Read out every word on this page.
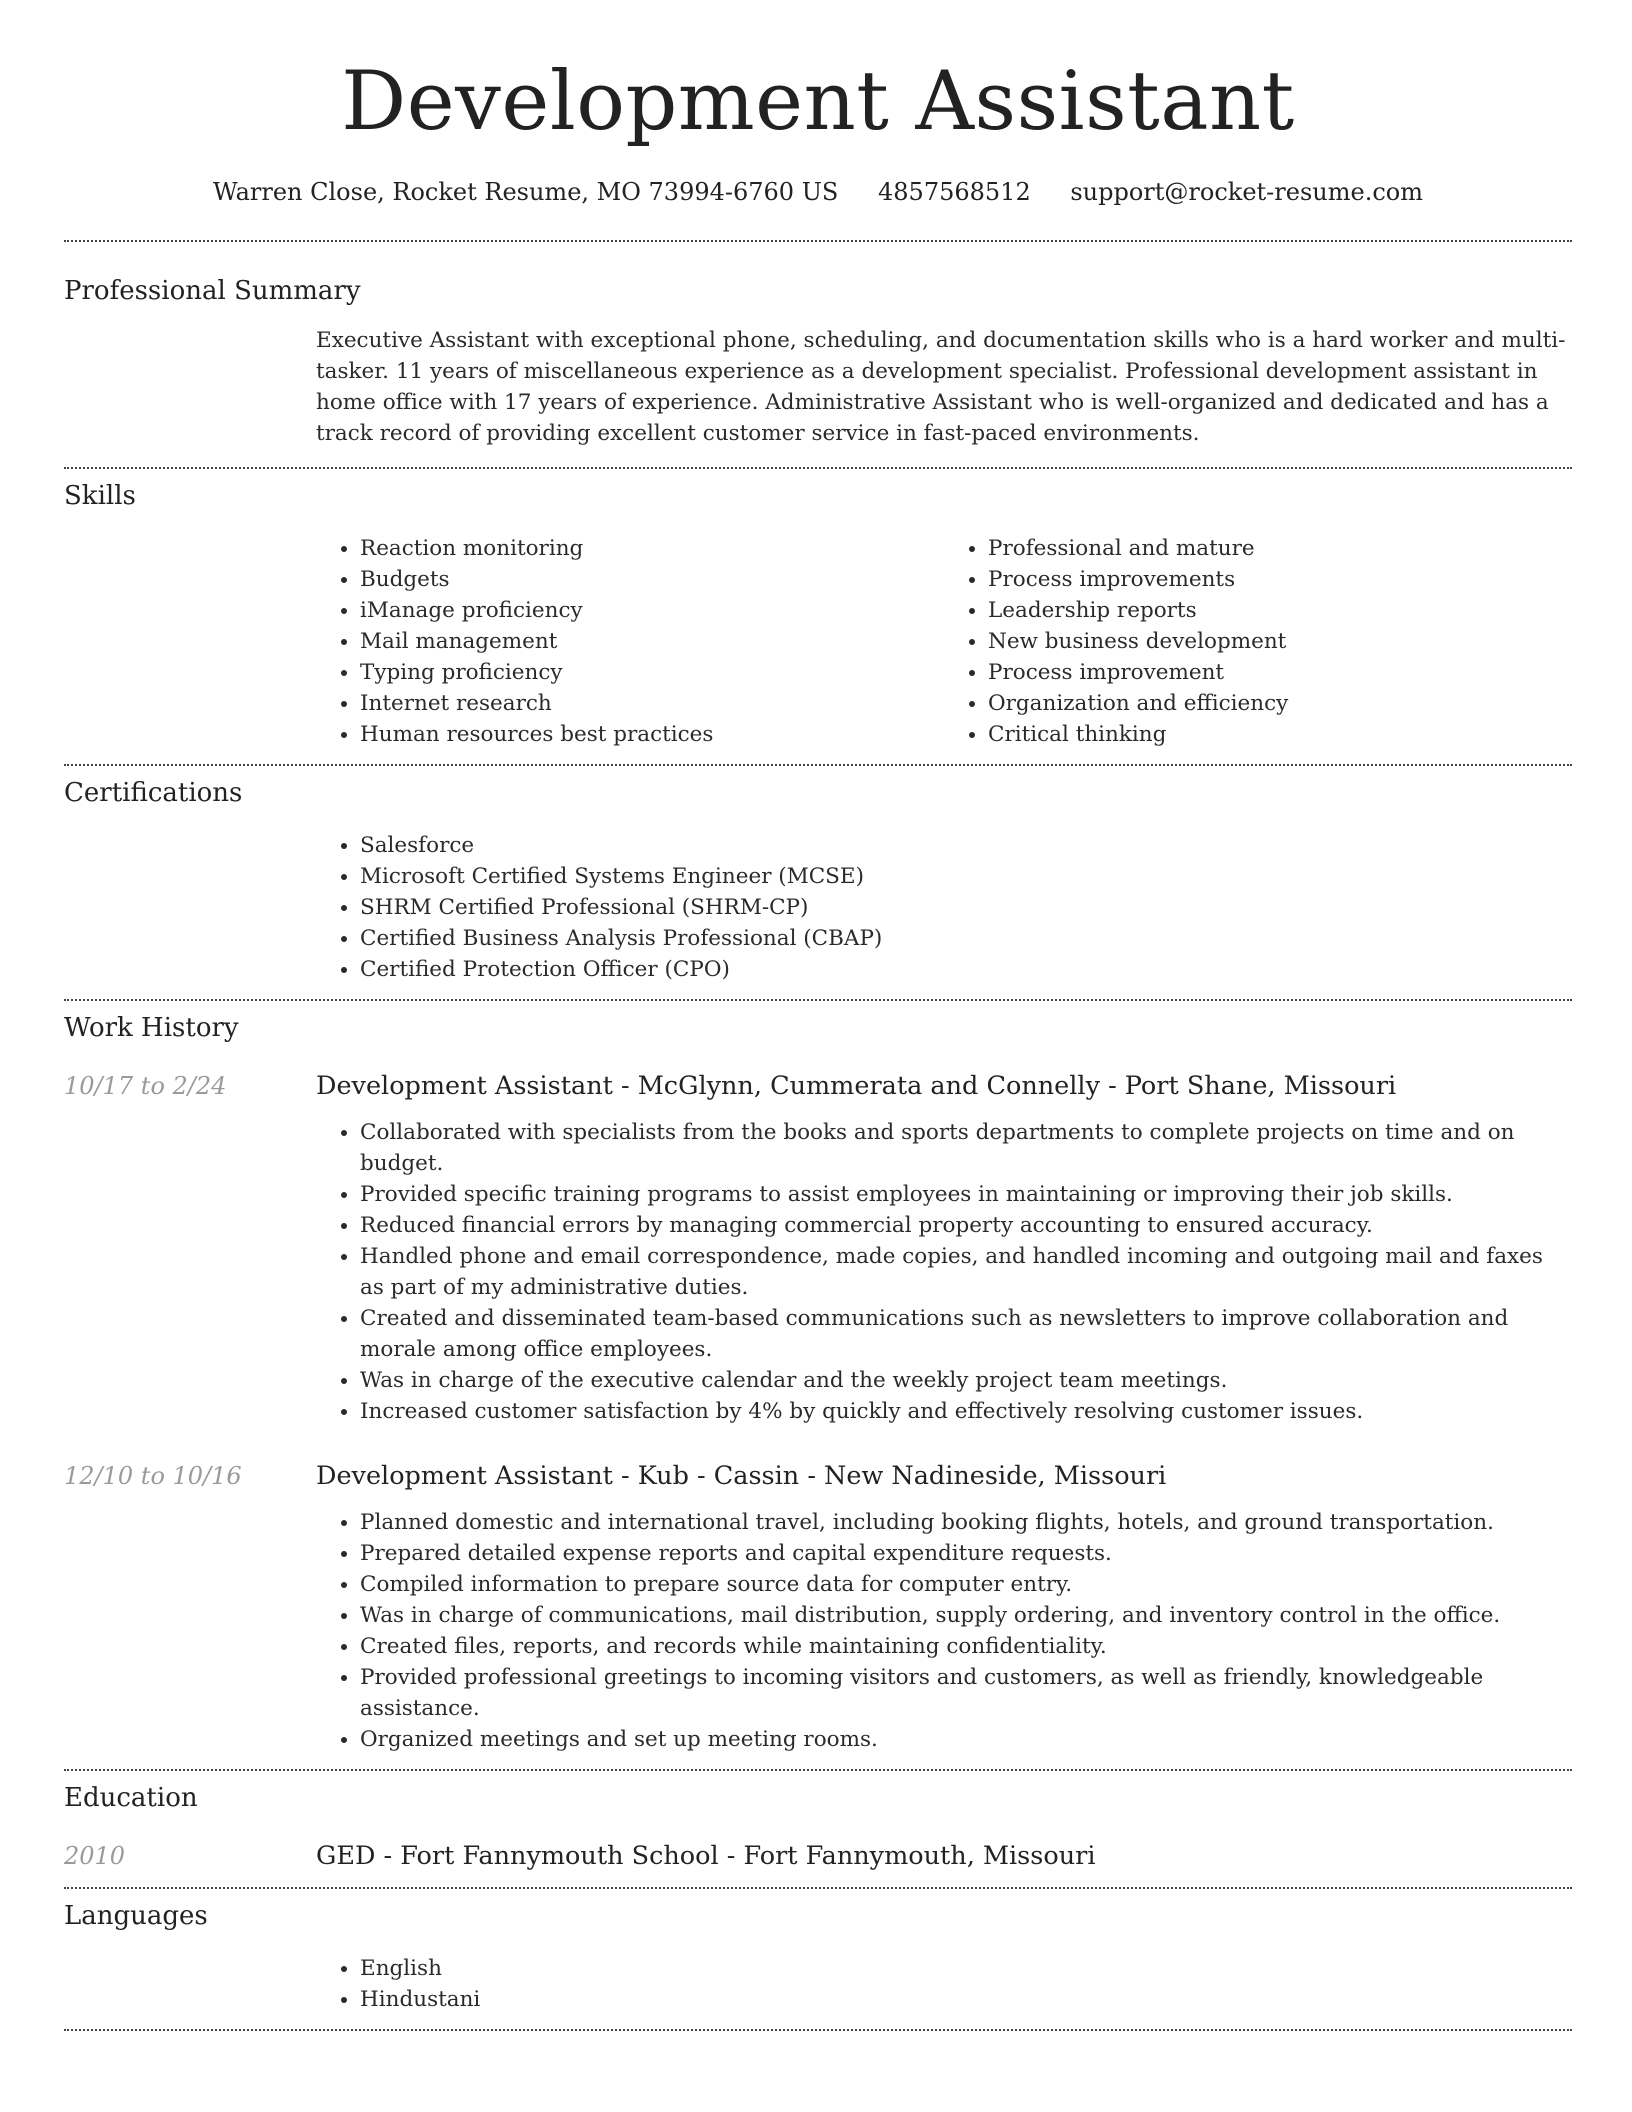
Development Assistant
Warren Close, Rocket Resume, MO 73994-6760 US 4857568512 support@rocket-resume.com
Professional Summary

Executive Assistant with exceptional phone, scheduling, and documentation skills who is a hard worker and multi-tasker. 11 years of miscellaneous experience as a development specialist. Professional development assistant in home office with 17 years of experience. Administrative Assistant who is well-organized and dedicated and has a track record of providing excellent customer service in fast-paced environments.

Skills
• Reaction monitoring
• Budgets
• iManage proficiency
• Mail management
• Typing proficiency
• Internet research
• Human resources best practices
• Professional and mature
• Process improvements
• Leadership reports
• New business development
• Process improvement
• Organization and efficiency
• Critical thinking
Certifications
• Salesforce
• Microsoft Certified Systems Engineer (MCSE)
• SHRM Certified Professional (SHRM-CP)
• Certified Business Analysis Professional (CBAP)
• Certified Protection Officer (CPO)
Work History
10/17 to 2/24	Development Assistant - McGlynn, Cummerata and Connelly - Port Shane, Missouri
• Collaborated with specialists from the books and sports departments to complete projects on time and on budget.
• Provided specific training programs to assist employees in maintaining or improving their job skills.
• Reduced financial errors by managing commercial property accounting to ensured accuracy.
• Handled phone and email correspondence, made copies, and handled incoming and outgoing mail and faxes as part of my administrative duties.
• Created and disseminated team-based communications such as newsletters to improve collaboration and morale among office employees.
• Was in charge of the executive calendar and the weekly project team meetings.
• Increased customer satisfaction by 4% by quickly and effectively resolving customer issues.
12/10 to 10/16	Development Assistant - Kub - Cassin - New Nadineside, Missouri
• Planned domestic and international travel, including booking flights, hotels, and ground transportation.
• Prepared detailed expense reports and capital expenditure requests.
• Compiled information to prepare source data for computer entry.
• Was in charge of communications, mail distribution, supply ordering, and inventory control in the office.
• Created files, reports, and records while maintaining confidentiality.
• Provided professional greetings to incoming visitors and customers, as well as friendly, knowledgeable assistance.
• Organized meetings and set up meeting rooms.
Education
2010	GED - Fort Fannymouth School - Fort Fannymouth, Missouri
Languages
• English
• Hindustani
